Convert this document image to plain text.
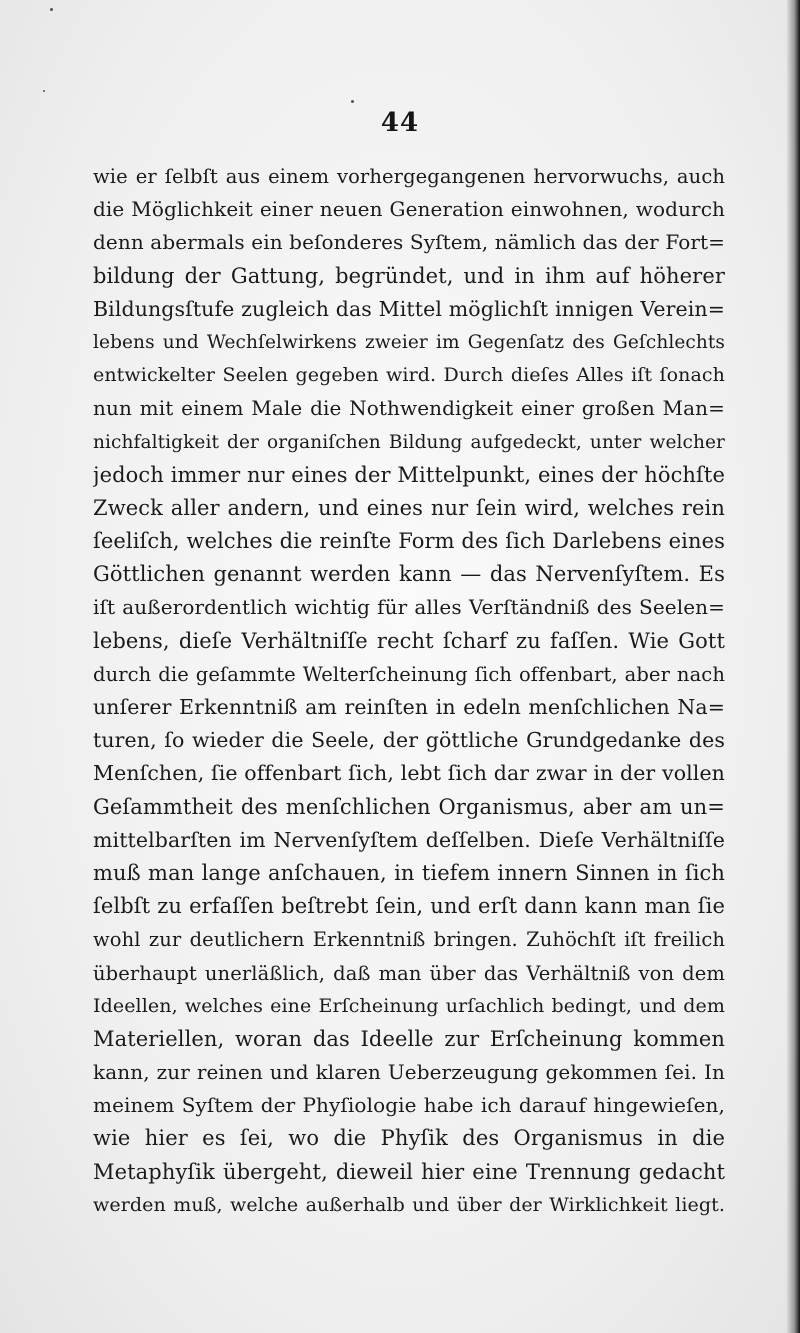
44
wie er ſelbſt aus einem vorhergegangenen hervorwuchs, auch
die Möglichkeit einer neuen Generation einwohnen, wodurch
denn abermals ein beſonderes Syſtem, nämlich das der Fort=
bildung der Gattung, begründet, und in ihm auf höherer
Bildungsſtufe zugleich das Mittel möglichſt innigen Verein=
lebens und Wechſelwirkens zweier im Gegenſatz des Geſchlechts
entwickelter Seelen gegeben wird. Durch dieſes Alles iſt ſonach
nun mit einem Male die Nothwendigkeit einer großen Man=
nichfaltigkeit der organiſchen Bildung aufgedeckt, unter welcher
jedoch immer nur eines der Mittelpunkt, eines der höchſte
Zweck aller andern, und eines nur ſein wird, welches rein
ſeeliſch, welches die reinſte Form des ſich Darlebens eines
Göttlichen genannt werden kann — das Nervenſyſtem. Es
iſt außerordentlich wichtig für alles Verſtändniß des Seelen=
lebens, dieſe Verhältniſſe recht ſcharf zu faſſen. Wie Gott
durch die geſammte Welterſcheinung ſich offenbart, aber nach
unſerer Erkenntniß am reinſten in edeln menſchlichen Na=
turen, ſo wieder die Seele, der göttliche Grundgedanke des
Menſchen, ſie offenbart ſich, lebt ſich dar zwar in der vollen
Geſammtheit des menſchlichen Organismus, aber am un=
mittelbarſten im Nervenſyſtem deſſelben. Dieſe Verhältniſſe
muß man lange anſchauen, in tiefem innern Sinnen in ſich
ſelbſt zu erfaſſen beſtrebt ſein, und erſt dann kann man ſie
wohl zur deutlichern Erkenntniß bringen. Zuhöchſt iſt freilich
überhaupt unerläßlich, daß man über das Verhältniß von dem
Ideellen, welches eine Erſcheinung urſachlich bedingt, und dem
Materiellen, woran das Ideelle zur Erſcheinung kommen
kann, zur reinen und klaren Ueberzeugung gekommen ſei. In
meinem Syſtem der Phyſiologie habe ich darauf hingewieſen,
wie hier es ſei, wo die Phyſik des Organismus in die
Metaphyſik übergeht, dieweil hier eine Trennung gedacht
werden muß, welche außerhalb und über der Wirklichkeit liegt.
